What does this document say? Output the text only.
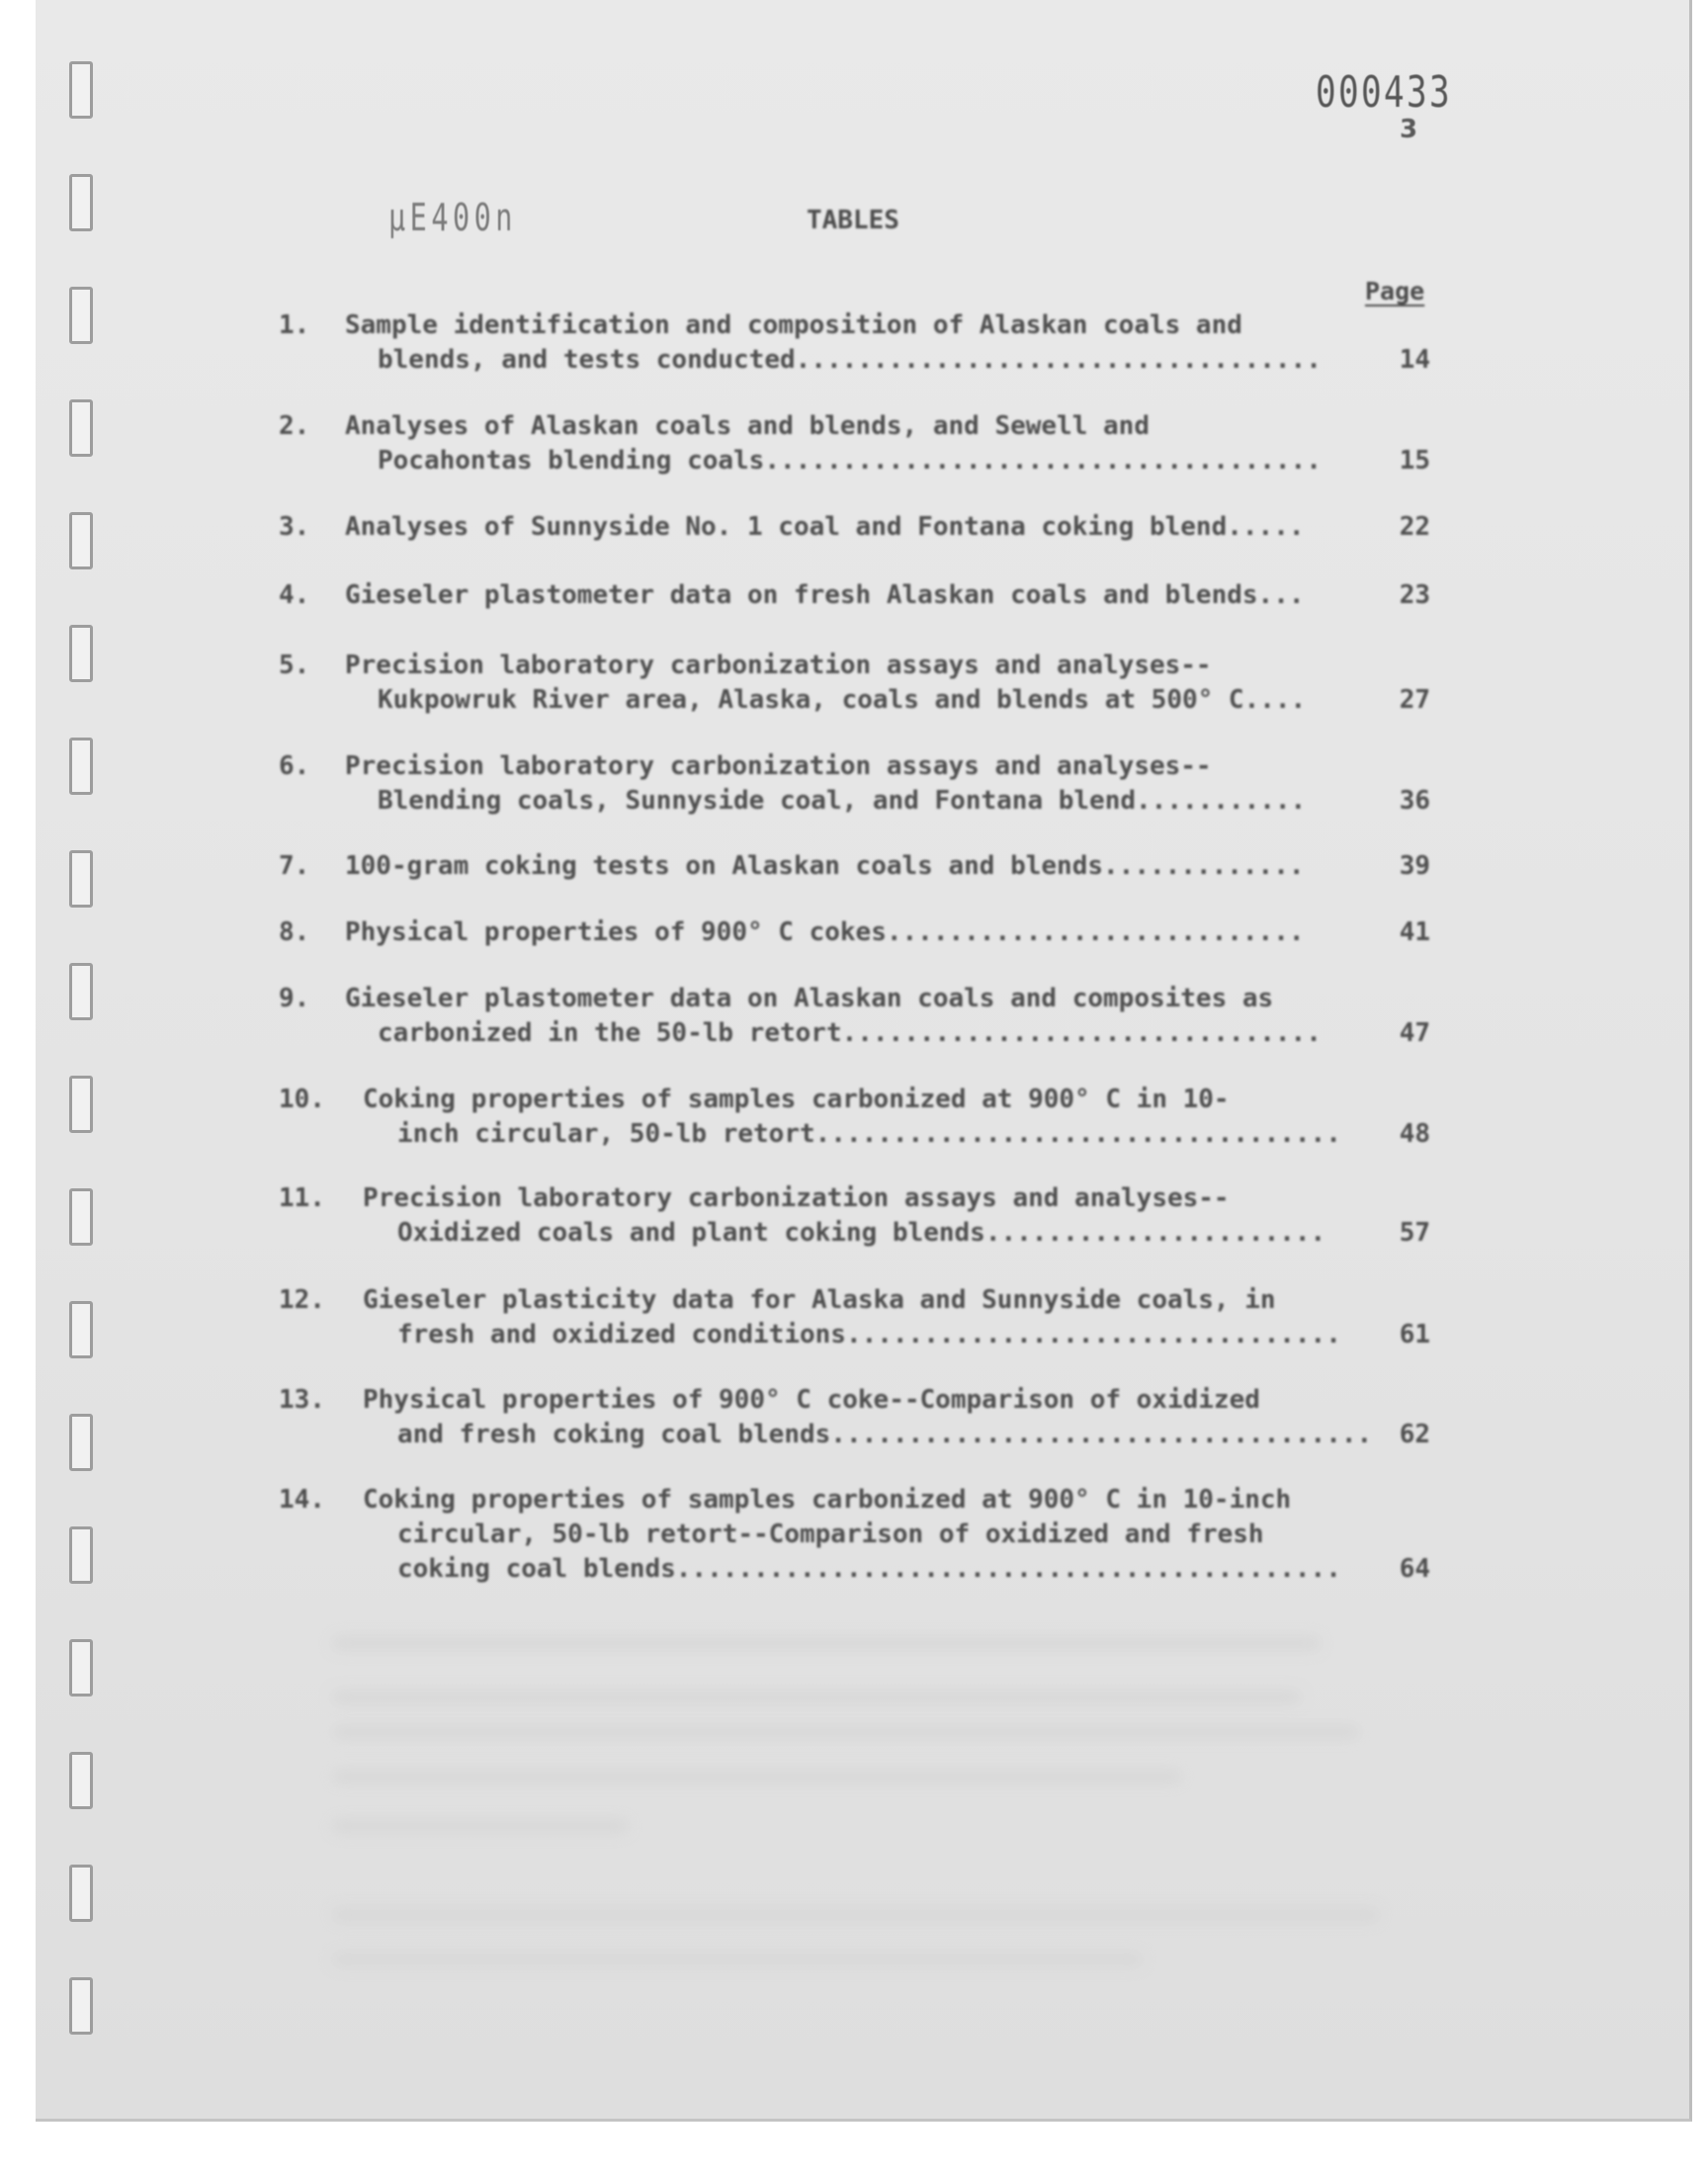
000433
3
µE400n	TABLES
Page
1. Sample identification and composition of Alaskan coals and
blends, and tests conducted..................................	14
2. Analyses of Alaskan coals and blends, and Sewell and
Pocahontas blending coals....................................	15
3. Analyses of Sunnyside No. 1 coal and Fontana coking blend.....	22
4. Gieseler plastometer data on fresh Alaskan coals and blends...	23
5. Precision laboratory carbonization assays and analyses--
Kukpowruk River area, Alaska, coals and blends at 500° C....	27
6. Precision laboratory carbonization assays and analyses--
Blending coals, Sunnyside coal, and Fontana blend...........	36
7. 100-gram coking tests on Alaskan coals and blends.............	39
8. Physical properties of 900° C cokes...........................	41
9. Gieseler plastometer data on Alaskan coals and composites as
carbonized in the 50-lb retort...............................	47
10. Coking properties of samples carbonized at 900° C in 10-
inch circular, 50-lb retort.................................. 48
11. Precision laboratory carbonization assays and analyses--
Oxidized coals and plant coking blends......................	57
12. Gieseler plasticity data for Alaska and Sunnyside coals, in
fresh and oxidized conditions................................ 61
13. Physical properties of 900° C coke--Comparison of oxidized
and fresh coking coal blends................................... 62
14. Coking properties of samples carbonized at 900° C in 10-inch
circular, 50-lb retort--Comparison of oxidized and fresh
coking coal blends........................................... 64
